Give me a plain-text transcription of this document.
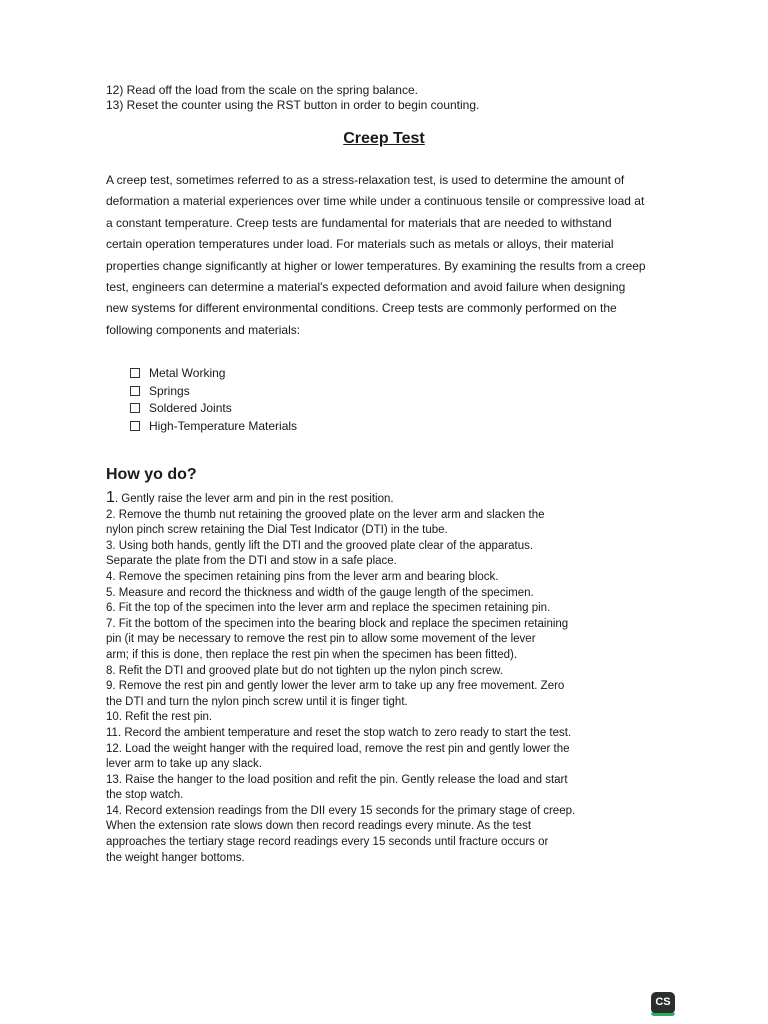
12) Read off the load from the scale on the spring balance.
13) Reset the counter using the RST button in order to begin counting.
Creep Test
A creep test, sometimes referred to as a stress-relaxation test, is used to determine the amount of
deformation a material experiences over time while under a continuous tensile or compressive load at
a constant temperature. Creep tests are fundamental for materials that are needed to withstand
certain operation temperatures under load. For materials such as metals or alloys, their material
properties change significantly at higher or lower temperatures. By examining the results from a creep
test, engineers can determine a material's expected deformation and avoid failure when designing
new systems for different environmental conditions. Creep tests are commonly performed on the
following components and materials:
Metal Working
Springs
Soldered Joints
High-Temperature Materials
How yo do?
1. Gently raise the lever arm and pin in the rest position.
2. Remove the thumb nut retaining the grooved plate on the lever arm and slacken the
nylon pinch screw retaining the Dial Test Indicator (DTI) in the tube.
3. Using both hands, gently lift the DTI and the grooved plate clear of the apparatus.
Separate the plate from the DTI and stow in a safe place.
4. Remove the specimen retaining pins from the lever arm and bearing block.
5. Measure and record the thickness and width of the gauge length of the specimen.
6. Fit the top of the specimen into the lever arm and replace the specimen retaining pin.
7. Fit the bottom of the specimen into the bearing block and replace the specimen retaining
pin (it may be necessary to remove the rest pin to allow some movement of the lever
arm; if this is done, then replace the rest pin when the specimen has been fitted).
8. Refit the DTI and grooved plate but do not tighten up the nylon pinch screw.
9. Remove the rest pin and gently lower the lever arm to take up any free movement. Zero
the DTI and turn the nylon pinch screw until it is finger tight.
10. Refit the rest pin.
11. Record the ambient temperature and reset the stop watch to zero ready to start the test.
12. Load the weight hanger with the required load, remove the rest pin and gently lower the
lever arm to take up any slack.
13. Raise the hanger to the load position and refit the pin. Gently release the load and start
the stop watch.
14. Record extension readings from the DII every 15 seconds for the primary stage of creep.
When the extension rate slows down then record readings every minute. As the test
approaches the tertiary stage record readings every 15 seconds until fracture occurs or
the weight hanger bottoms.
CS
